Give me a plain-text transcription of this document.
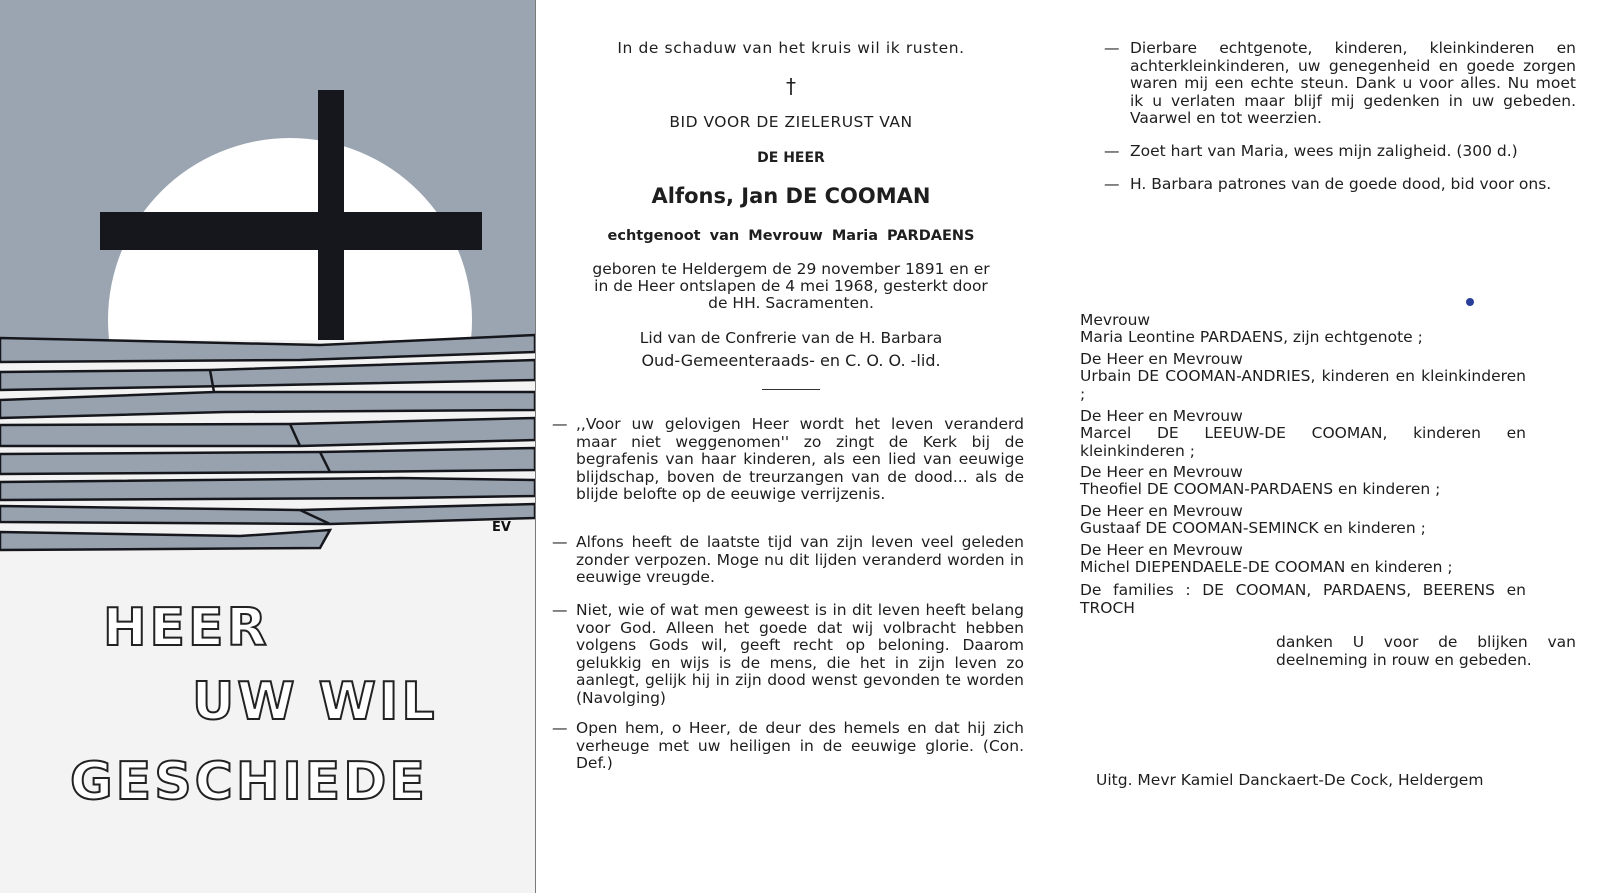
EV
HEER
UW WIL
GESCHIEDE
In de schaduw van het kruis wil ik rusten.
†
BID VOOR DE ZIELERUST VAN
DE HEER
Alfons, Jan DE COOMAN
echtgenoot van Mevrouw Maria PARDAENS
geboren te Heldergem de 29 november 1891 en er
in de Heer ontslapen de 4 mei 1968, gesterkt door
de HH. Sacramenten.
Lid van de Confrerie van de H. Barbara
Oud-Gemeenteraads- en C. O. O. -lid.
— ,,Voor uw gelovigen Heer wordt het leven veranderd maar niet weggenomen'' zo zingt de Kerk bij de begrafenis van haar kinderen, als een lied van eeuwige blijdschap, boven de treurzangen van de dood... als de blijde belofte op de eeuwige verrijzenis.
— Alfons heeft de laatste tijd van zijn leven veel geleden zonder verpozen. Moge nu dit lijden veranderd worden in eeuwige vreugde.
— Niet, wie of wat men geweest is in dit leven heeft belang voor God. Alleen het goede dat wij volbracht hebben volgens Gods wil, geeft recht op beloning. Daarom gelukkig en wijs is de mens, die het in zijn leven zo aanlegt, gelijk hij in zijn dood wenst gevonden te worden (Navolging)
— Open hem, o Heer, de deur des hemels en dat hij zich verheuge met uw heiligen in de eeuwige glorie. (Con. Def.)
— Dierbare echtgenote, kinderen, kleinkinderen en achterkleinkinderen, uw genegenheid en goede zorgen waren mij een echte steun. Dank u voor alles. Nu moet ik u verlaten maar blijf mij gedenken in uw gebeden. Vaarwel en tot weerzien.
— Zoet hart van Maria, wees mijn zaligheid. (300 d.)
— H. Barbara patrones van de goede dood, bid voor ons.
Mevrouw
Maria Leontine PARDAENS, zijn echtgenote ;
De Heer en Mevrouw
Urbain DE COOMAN-ANDRIES, kinderen en kleinkinderen ;
De Heer en Mevrouw
Marcel DE LEEUW-DE COOMAN, kinderen en kleinkinderen ;
De Heer en Mevrouw
Theofiel DE COOMAN-PARDAENS en kinderen ;
De Heer en Mevrouw
Gustaaf DE COOMAN-SEMINCK en kinderen ;
De Heer en Mevrouw
Michel DIEPENDAELE-DE COOMAN en kinderen ;
De families : DE COOMAN, PARDAENS, BEERENS en TROCH
danken U voor de blijken van deelneming in rouw en gebeden.
Uitg. Mevr Kamiel Danckaert-De Cock, Heldergem
